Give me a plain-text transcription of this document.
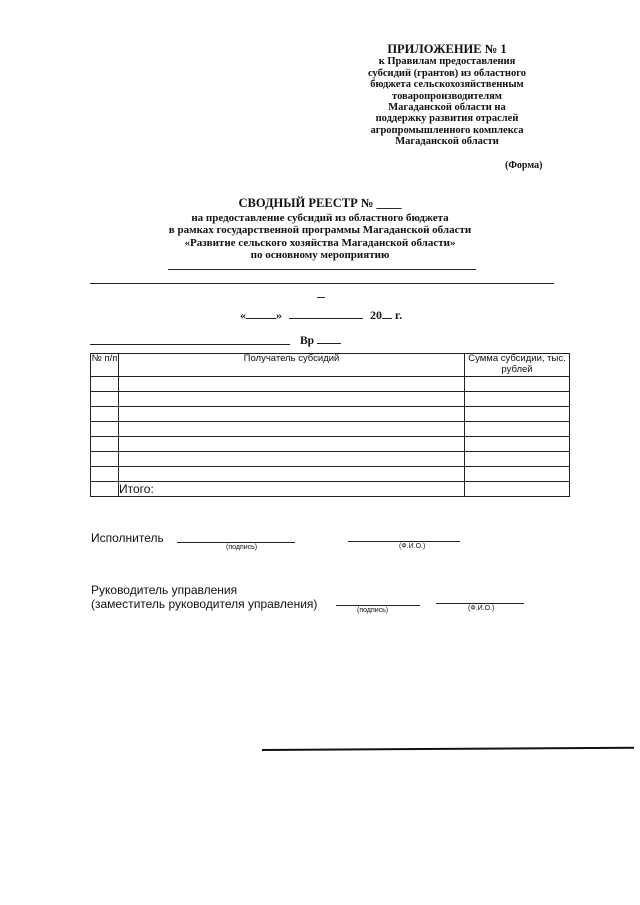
ПРИЛОЖЕНИЕ № 1
к Правилам предоставления
субсидий (грантов) из областного
бюджета сельскохозяйственным
товаропроизводителям
Магаданской области на
поддержку развития отраслей
агропромышленного комплекса
Магаданской области
(Форма)
СВОДНЫЙ РЕЕСТР № ____
на предоставление субсидий из областного бюджета
в рамках государственной программы Магаданской области
«Развитие сельского хозяйства Магаданской области»
по основному мероприятию
«	»	20 г.
Вр
№ п/п	Получатель субсидий	Сумма субсидии, тыс. рублей

	Итого:	
Исполнитель
(подпись)	(Ф.И.О.)
Руководитель управления
(заместитель руководителя управления)	(подпись)	(Ф.И.О.)
